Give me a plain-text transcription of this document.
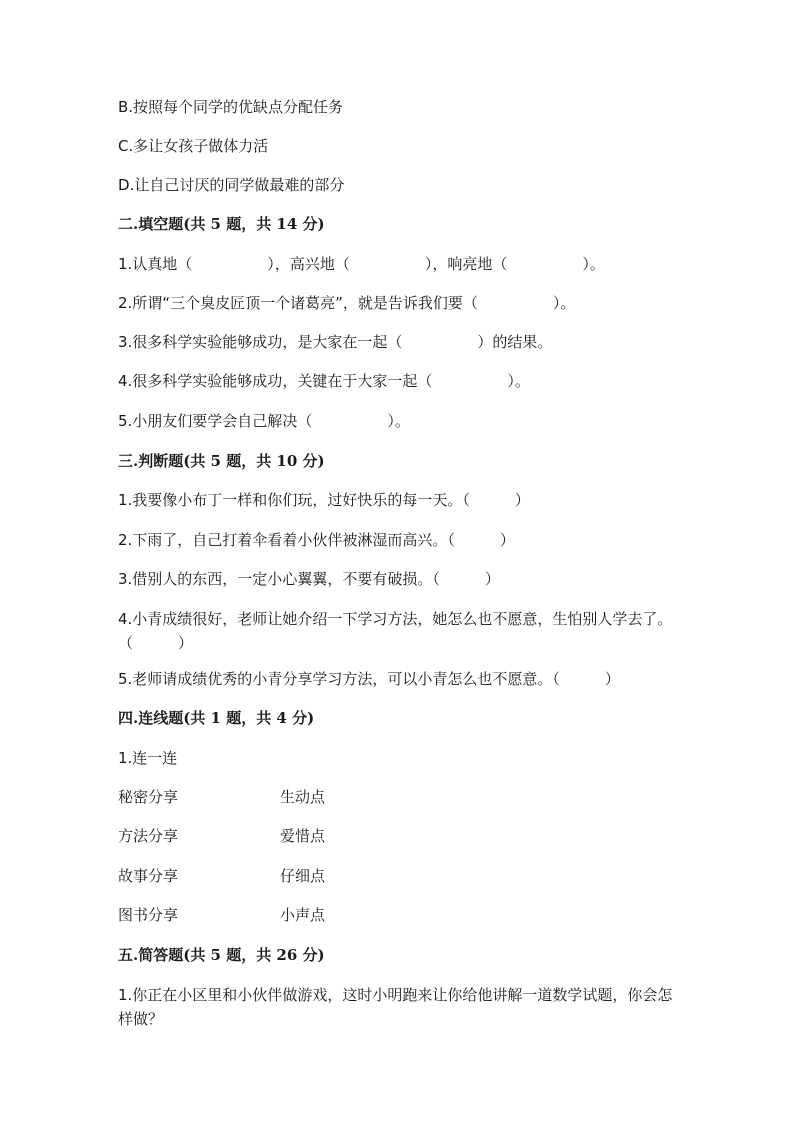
B.按照每个同学的优缺点分配任务
C.多让女孩子做体力活
D.让自己讨厌的同学做最难的部分
二.填空题(共 5 题，共 14 分)
1.认真地（　　　　　），高兴地（　　　　　），响亮地（　　　　　）。
2.所谓“三个臭皮匠顶一个诸葛亮”，就是告诉我们要（　　　　　）。
3.很多科学实验能够成功，是大家在一起（　　　　　）的结果。
4.很多科学实验能够成功，关键在于大家一起（　　　　　）。
5.小朋友们要学会自己解决（　　　　　）。
三.判断题(共 5 题，共 10 分)
1.我要像小布丁一样和你们玩，过好快乐的每一天。（　　　）
2.下雨了，自己打着伞看着小伙伴被淋湿而高兴。（　　　）
3.借别人的东西，一定小心翼翼，不要有破损。（　　　）
4.小青成绩很好，老师让她介绍一下学习方法，她怎么也不愿意，生怕别人学去了。（　　　）
5.老师请成绩优秀的小青分享学习方法，可以小青怎么也不愿意。（　　　）
四.连线题(共 1 题，共 4 分)
1.连一连
秘密分享	生动点
方法分享	爱惜点
故事分享	仔细点
图书分享	小声点
五.简答题(共 5 题，共 26 分)
1.你正在小区里和小伙伴做游戏，这时小明跑来让你给他讲解一道数学试题，你会怎样做？
